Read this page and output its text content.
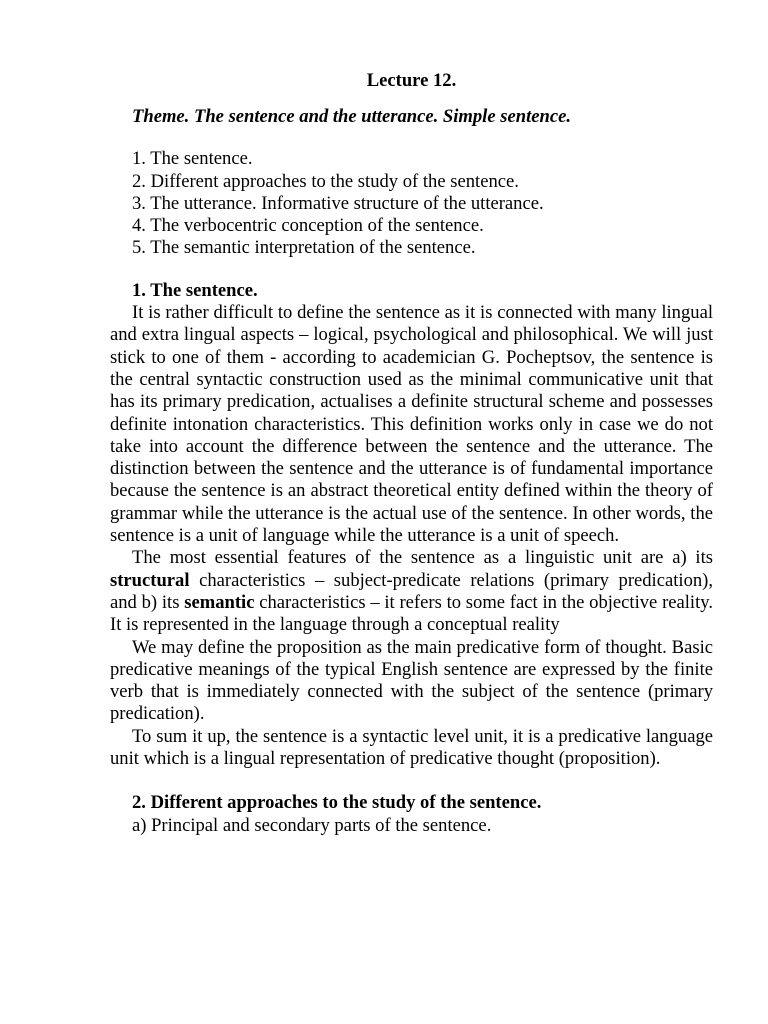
Lecture 12.
Theme. The sentence and the utterance. Simple sentence.
1. The sentence.
2. Different approaches to the study of the sentence.
3. The utterance. Informative structure of the utterance.
4. The verbocentric conception of the sentence.
5. The semantic interpretation of the sentence.
1. The sentence.

It is rather difficult to define the sentence as it is connected with many lingual and extra lingual aspects – logical, psychological and philosophical. We will just stick to one of them - according to academician G. Pocheptsov, the sentence is the central syntactic construction used as the minimal communicative unit that has its primary predication, actualises a definite structural scheme and possesses definite intonation characteristics. This definition works only in case we do not take into account the difference between the sentence and the utterance. The distinction between the sentence and the utterance is of fundamental importance because the sentence is an abstract theoretical entity defined within the theory of grammar while the utterance is the actual use of the sentence. In other words, the sentence is a unit of language while the utterance is a unit of speech.

The most essential features of the sentence as a linguistic unit are a) its structural characteristics – subject-predicate relations (primary predication), and b) its semantic characteristics – it refers to some fact in the objective reality. It is represented in the language through a conceptual reality

We may define the proposition as the main predicative form of thought. Basic predicative meanings of the typical English sentence are expressed by the finite verb that is immediately connected with the subject of the sentence (primary predication).

To sum it up, the sentence is a syntactic level unit, it is a predicative language unit which is a lingual representation of predicative thought (proposition).

2. Different approaches to the study of the sentence.
a) Principal and secondary parts of the sentence.
